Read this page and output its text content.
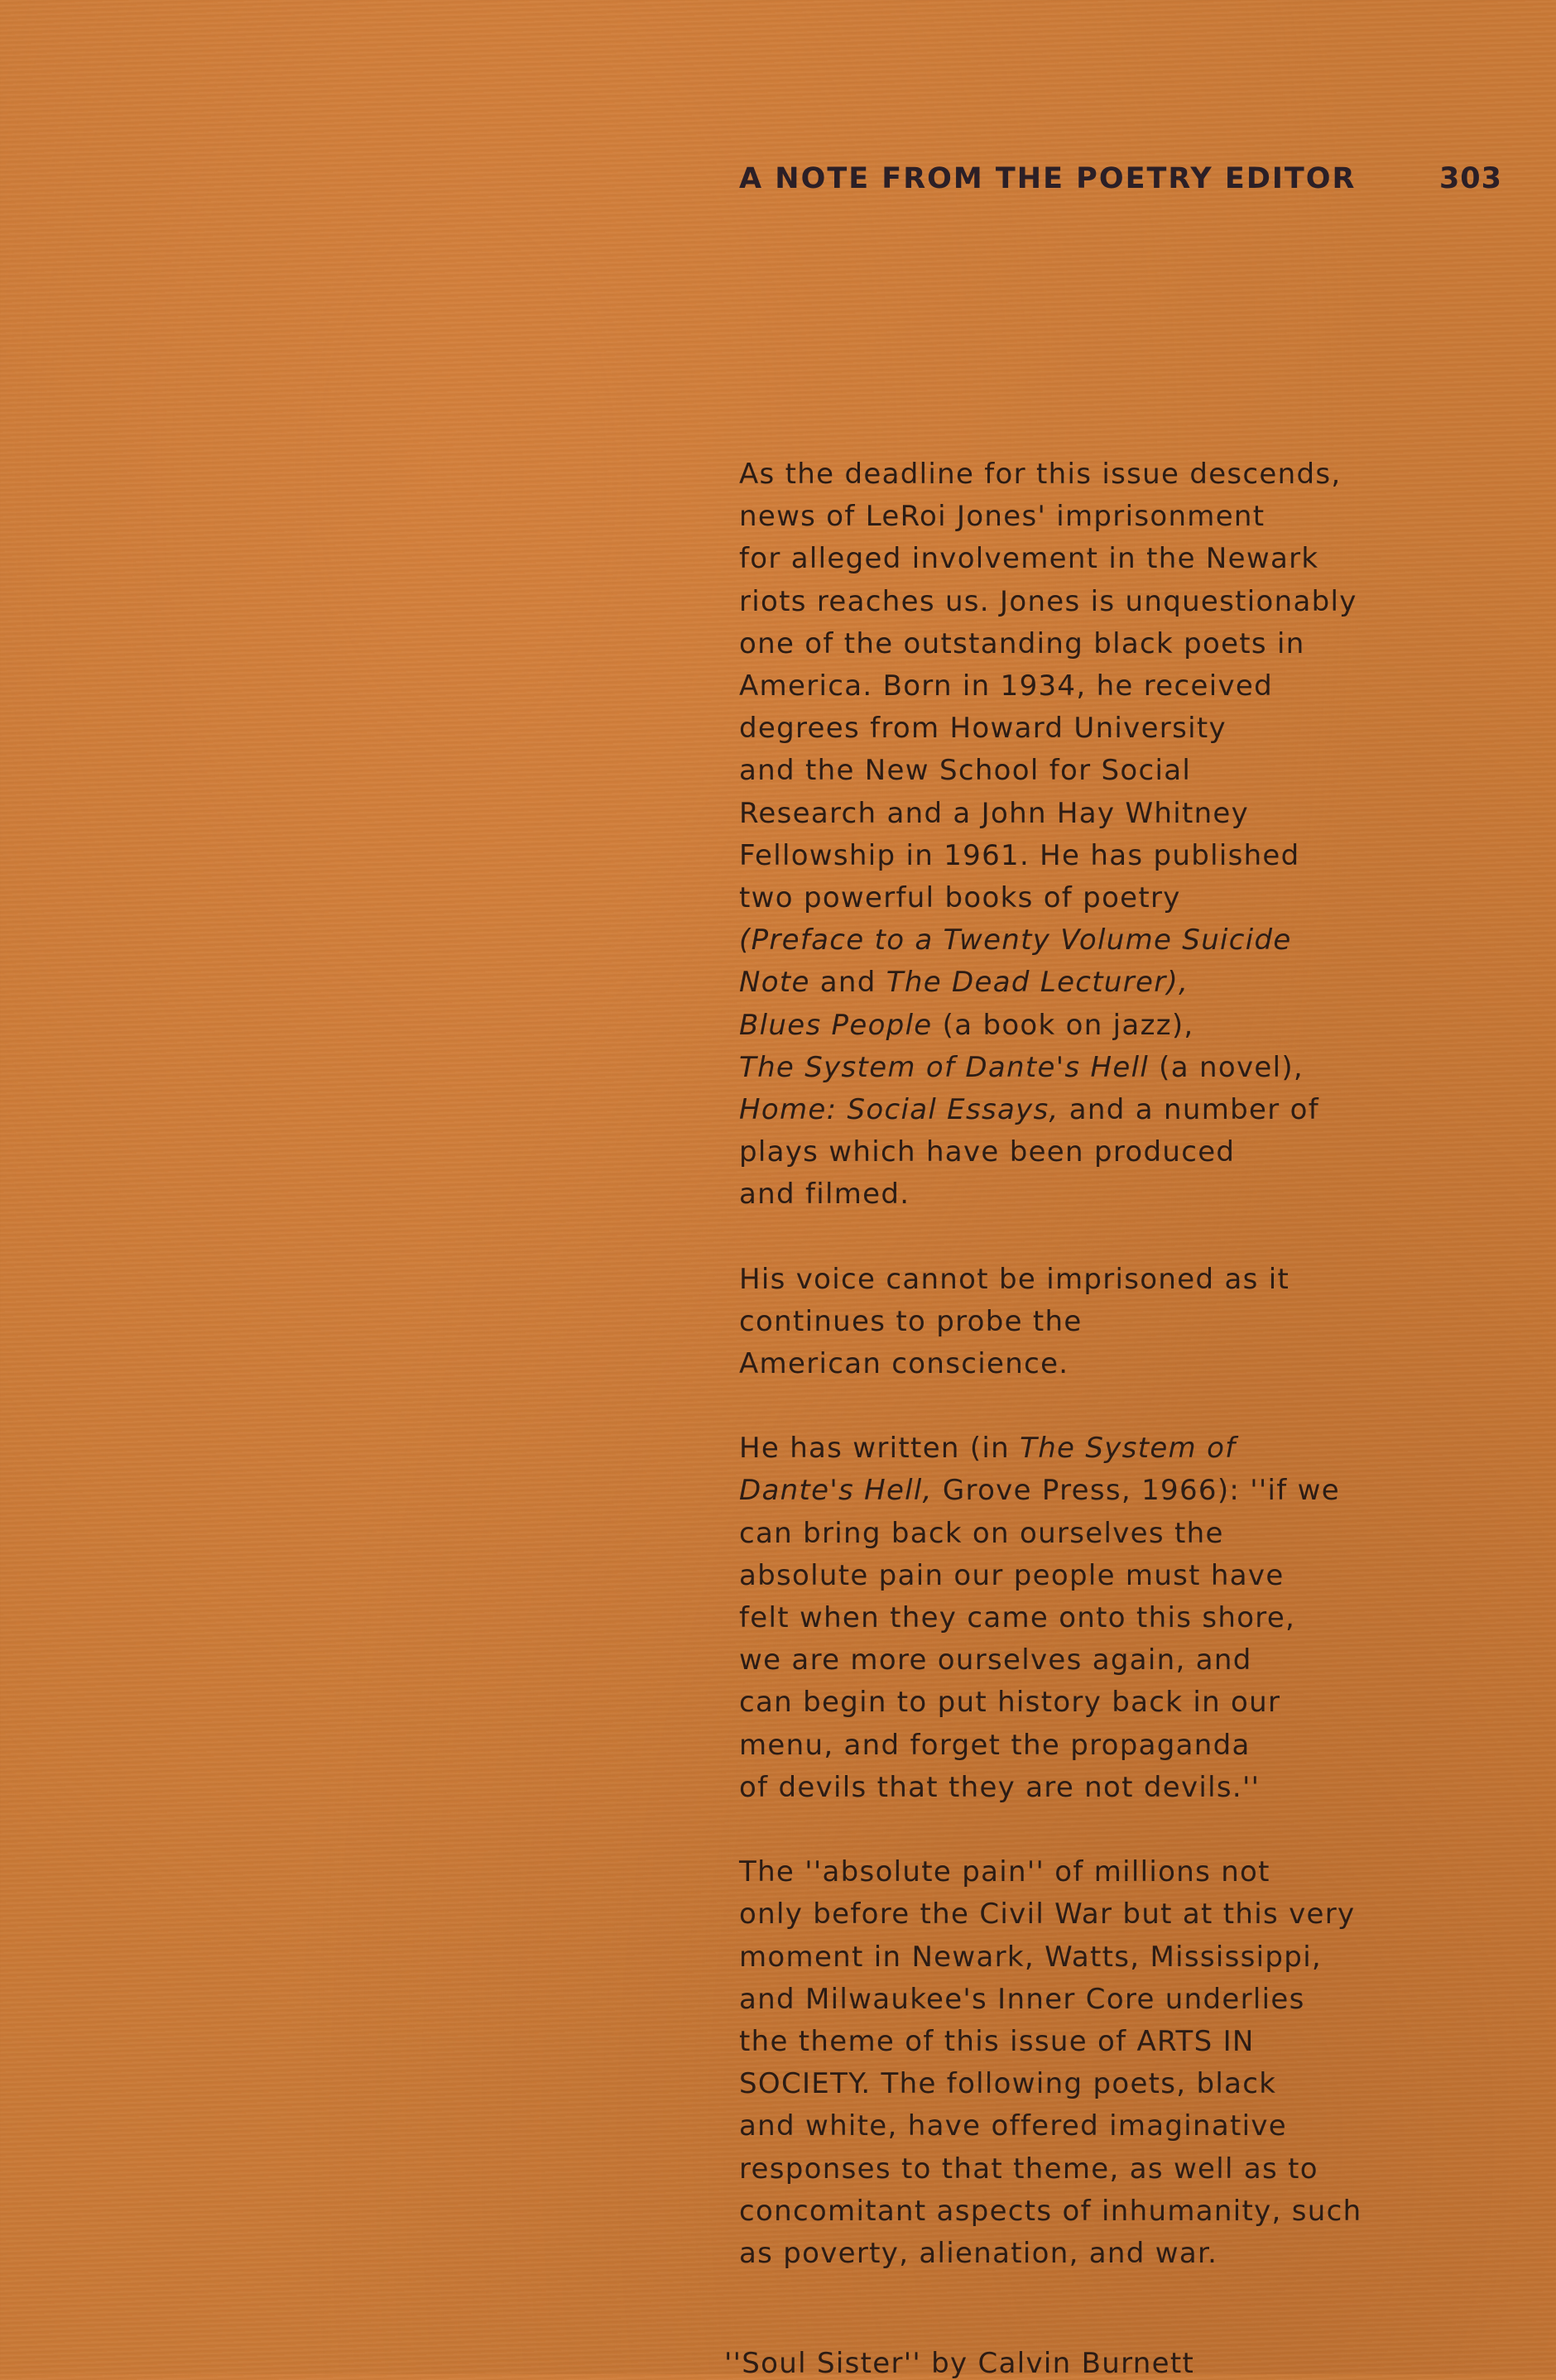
A NOTE FROM THE POETRY EDITOR	303
As the deadline for this issue descends,
news of LeRoi Jones' imprisonment
for alleged involvement in the Newark
riots reaches us. Jones is unquestionably
one of the outstanding black poets in
America. Born in 1934, he received
degrees from Howard University
and the New School for Social
Research and a John Hay Whitney
Fellowship in 1961. He has published
two powerful books of poetry
(Preface to a Twenty Volume Suicide
Note and The Dead Lecturer),
Blues People (a book on jazz),
The System of Dante's Hell (a novel),
Home: Social Essays, and a number of
plays which have been produced
and filmed.
His voice cannot be imprisoned as it
continues to probe the
American conscience.
He has written (in The System of
Dante's Hell, Grove Press, 1966): ''if we
can bring back on ourselves the
absolute pain our people must have
felt when they came onto this shore,
we are more ourselves again, and
can begin to put history back in our
menu, and forget the propaganda
of devils that they are not devils.''
The ''absolute pain'' of millions not
only before the Civil War but at this very
moment in Newark, Watts, Mississippi,
and Milwaukee's Inner Core underlies
the theme of this issue of ARTS IN
SOCIETY. The following poets, black
and white, have offered imaginative
responses to that theme, as well as to
concomitant aspects of inhumanity, such
as poverty, alienation, and war.
''Soul Sister'' by Calvin Burnett
